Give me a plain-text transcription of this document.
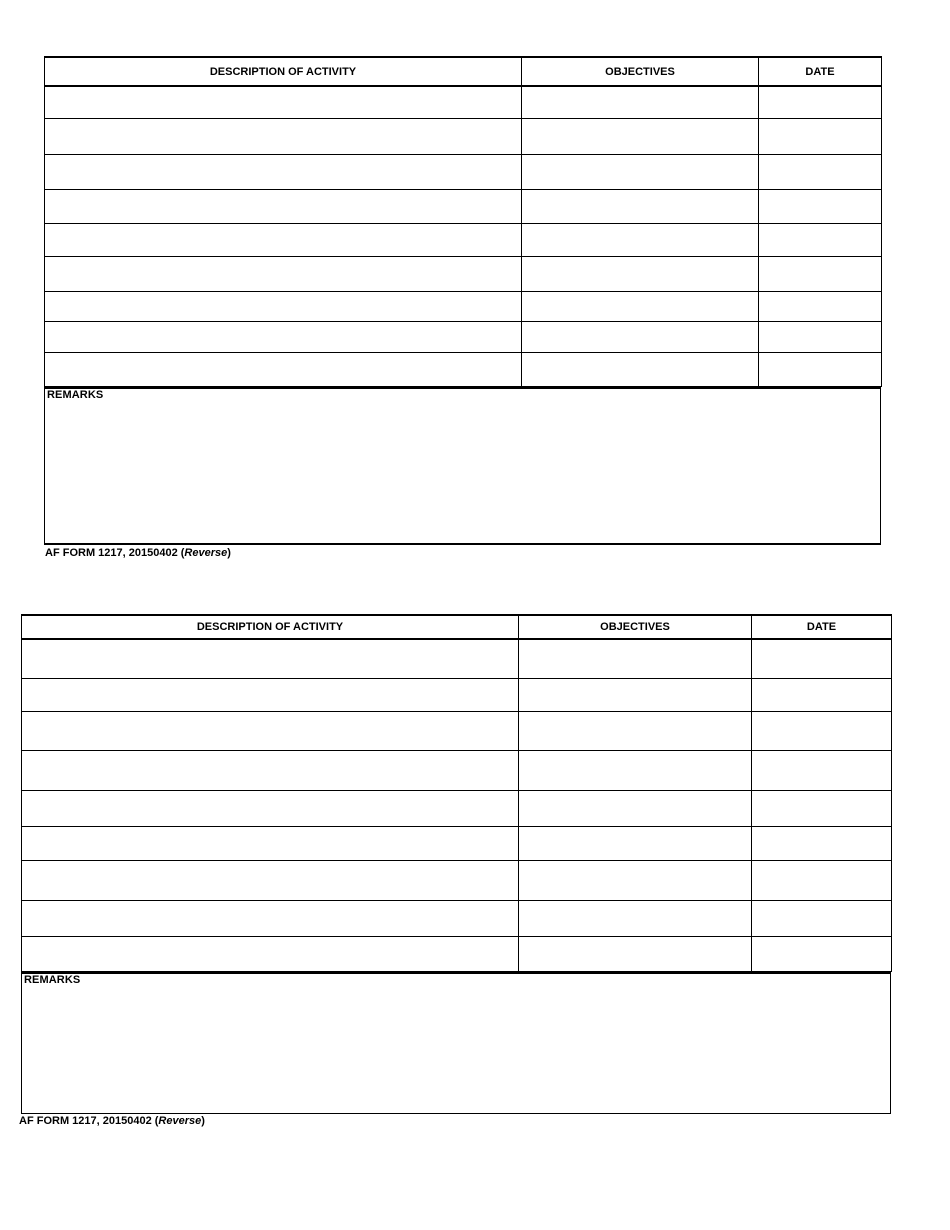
DESCRIPTION OF ACTIVITY	OBJECTIVES	DATE

REMARKS
AF FORM 1217, 20150402 (Reverse)
DESCRIPTION OF ACTIVITY	OBJECTIVES	DATE

REMARKS
AF FORM 1217, 20150402 (Reverse)
